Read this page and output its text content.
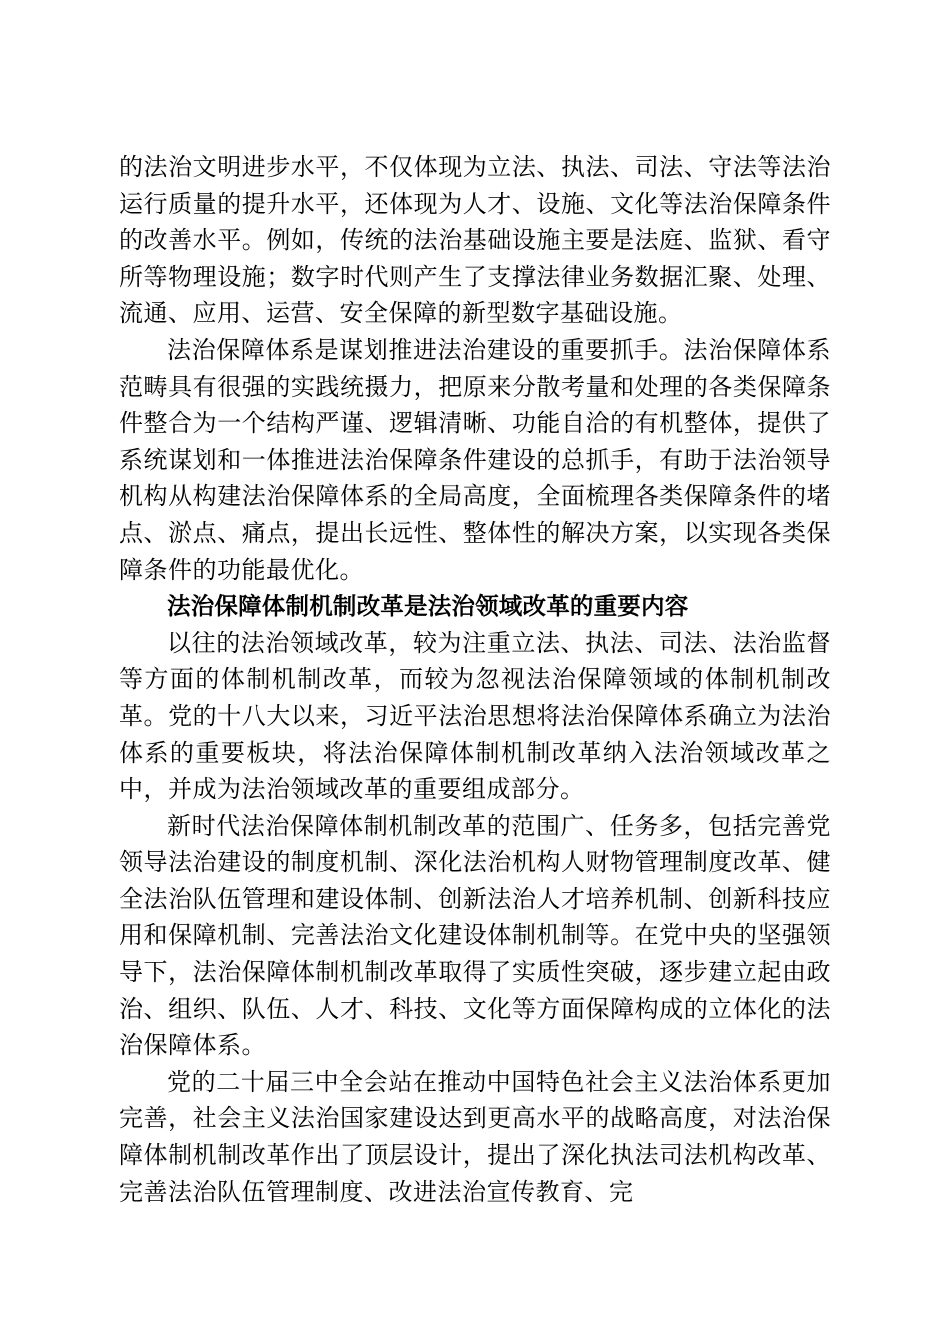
的法治文明进步水平，不仅体现为立法、执法、司法、守法等法治运行质量的提升水平，还体现为人才、设施、文化等法治保障条件的改善水平。例如，传统的法治基础设施主要是法庭、监狱、看守所等物理设施；数字时代则产生了支撑法律业务数据汇聚、处理、流通、应用、运营、安全保障的新型数字基础设施。

法治保障体系是谋划推进法治建设的重要抓手。法治保障体系范畴具有很强的实践统摄力，把原来分散考量和处理的各类保障条件整合为一个结构严谨、逻辑清晰、功能自洽的有机整体，提供了系统谋划和一体推进法治保障条件建设的总抓手，有助于法治领导机构从构建法治保障体系的全局高度，全面梳理各类保障条件的堵点、淤点、痛点，提出长远性、整体性的解决方案，以实现各类保障条件的功能最优化。

法治保障体制机制改革是法治领域改革的重要内容

以往的法治领域改革，较为注重立法、执法、司法、法治监督等方面的体制机制改革，而较为忽视法治保障领域的体制机制改革。党的十八大以来，习近平法治思想将法治保障体系确立为法治体系的重要板块，将法治保障体制机制改革纳入法治领域改革之中，并成为法治领域改革的重要组成部分。

新时代法治保障体制机制改革的范围广、任务多，包括完善党领导法治建设的制度机制、深化法治机构人财物管理制度改革、健全法治队伍管理和建设体制、创新法治人才培养机制、创新科技应用和保障机制、完善法治文化建设体制机制等。在党中央的坚强领导下，法治保障体制机制改革取得了实质性突破，逐步建立起由政治、组织、队伍、人才、科技、文化等方面保障构成的立体化的法治保障体系。

党的二十届三中全会站在推动中国特色社会主义法治体系更加完善，社会主义法治国家建设达到更高水平的战略高度，对法治保障体制机制改革作出了顶层设计，提出了深化执法司法机构改革、完善法治队伍管理制度、改进法治宣传教育、完
